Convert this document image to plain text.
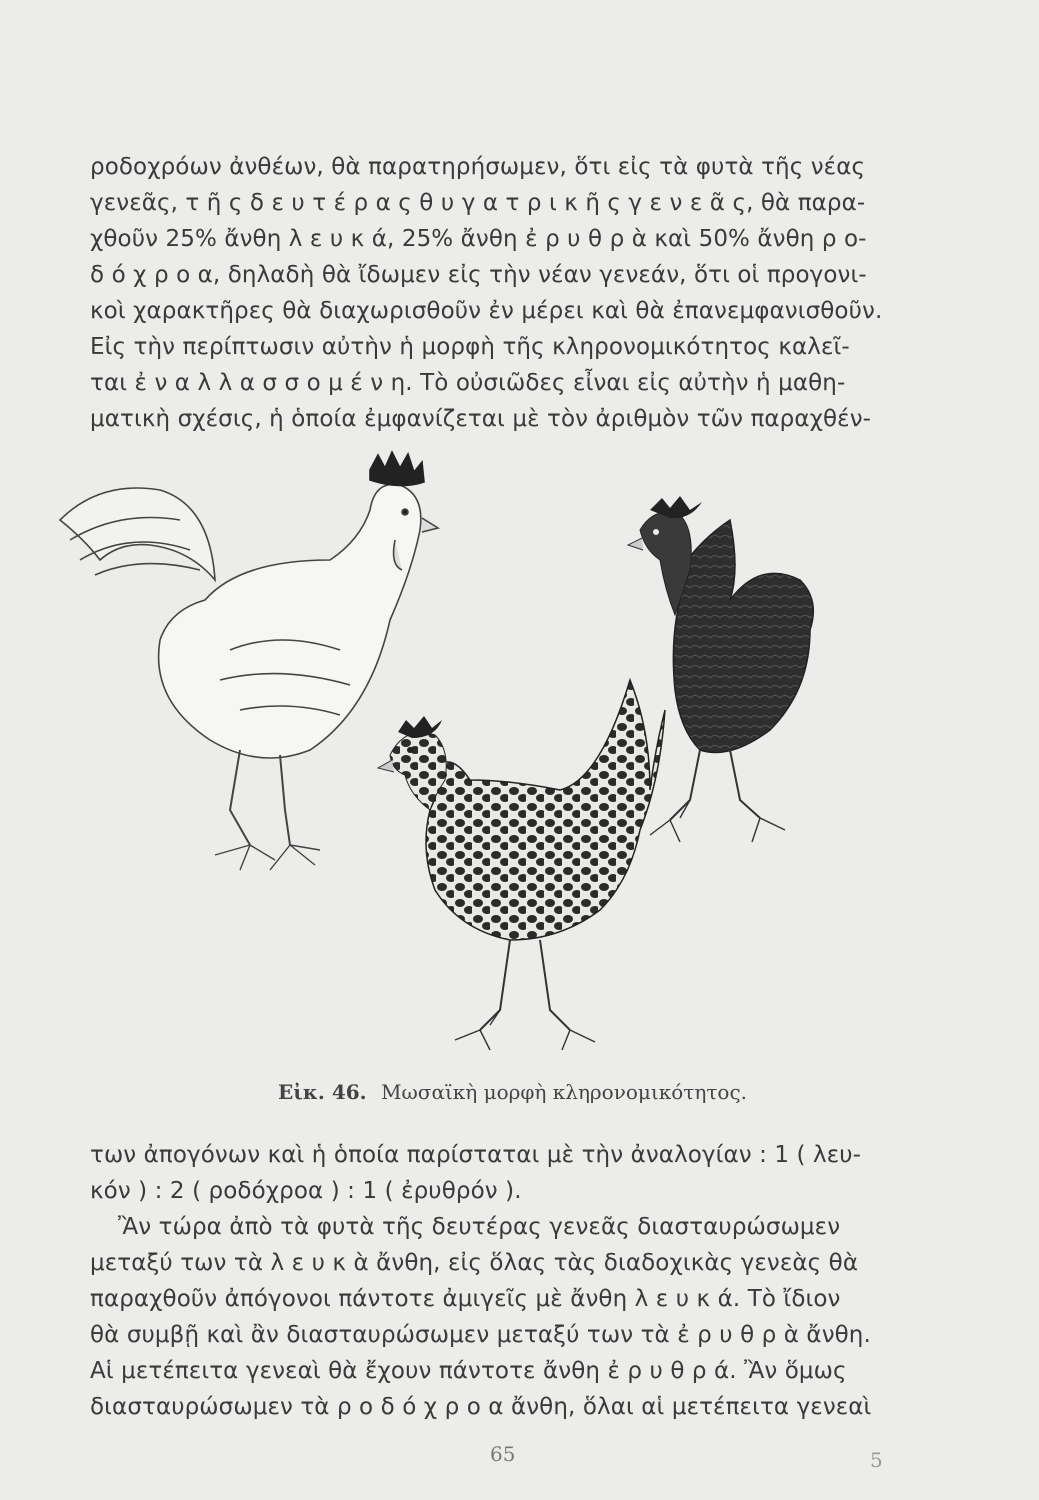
ροδοχρόων ἀνθέων, θὰ παρατηρήσωμεν, ὅτι εἰς τὰ φυτὰ τῆς νέας
γενεᾶς, τ ῆ ς δ ε υ τ έ ρ α ς θ υ γ α τ ρ ι κ ῆ ς γ ε ν ε ᾶ ς, θὰ παρα-
χθοῦν 25% ἄνθη λ ε υ κ ά, 25% ἄνθη ἐ ρ υ θ ρ ὰ καὶ 50% ἄνθη ρ ο-
δ ό χ ρ ο α, δηλαδὴ θὰ ἴδωμεν εἰς τὴν νέαν γενεάν, ὅτι οἱ προγονι-
κοὶ χαρακτῆρες θὰ διαχωρισθοῦν ἐν μέρει καὶ θὰ ἐπανεμφανισθοῦν.
Εἰς τὴν περίπτωσιν αὐτὴν ἡ μορφὴ τῆς κληρονομικότητος καλεῖ-
ται ἐ ν α λ λ α σ σ ο μ έ ν η. Τὸ οὐσιῶδες εἶναι εἰς αὐτὴν ἡ μαθη-
ματικὴ σχέσις, ἡ ὁποία ἐμφανίζεται μὲ τὸν ἀριθμὸν τῶν παραχθέν-
Εἰκ. 46. Μωσαϊκὴ μορφὴ κληρονομικότητος.
των ἀπογόνων καὶ ἡ ὁποία παρίσταται μὲ τὴν ἀναλογίαν : 1 ( λευ-
κόν ) : 2 ( ροδόχροα ) : 1 ( ἐρυθρόν ).
Ἂν τώρα ἀπὸ τὰ φυτὰ τῆς δευτέρας γενεᾶς διασταυρώσωμεν
μεταξύ των τὰ λ ε υ κ ὰ ἄνθη, εἰς ὅλας τὰς διαδοχικὰς γενεὰς θὰ
παραχθοῦν ἀπόγονοι πάντοτε ἀμιγεῖς μὲ ἄνθη λ ε υ κ ά. Τὸ ἴδιον
θὰ συμβῇ καὶ ἂν διασταυρώσωμεν μεταξύ των τὰ ἐ ρ υ θ ρ ὰ ἄνθη.
Αἱ μετέπειτα γενεαὶ θὰ ἔχουν πάντοτε ἄνθη ἐ ρ υ θ ρ ά. Ἂν ὅμως
διασταυρώσωμεν τὰ ρ ο δ ό χ ρ ο α ἄνθη, ὅλαι αἱ μετέπειτα γενεαὶ
65	5
